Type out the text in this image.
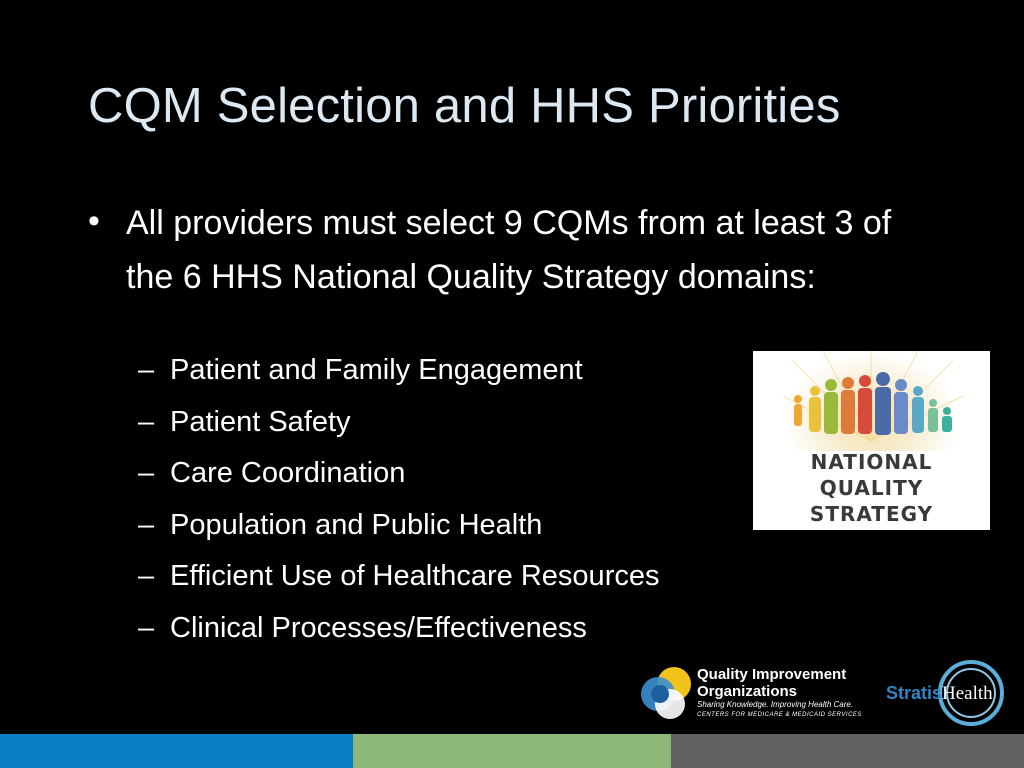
CQM Selection and HHS Priorities
• All providers must select 9 CQMs from at least 3 of the 6 HHS National Quality Strategy domains:
– Patient and Family Engagement
– Patient Safety
– Care Coordination
– Population and Public Health
– Efficient Use of Healthcare Resources
– Clinical Processes/Effectiveness
NATIONAL
QUALITY
STRATEGY
Quality Improvement
Organizations
Sharing Knowledge. Improving Health Care.
CENTERS FOR MEDICARE & MEDICAID SERVICES
StratisHealth
